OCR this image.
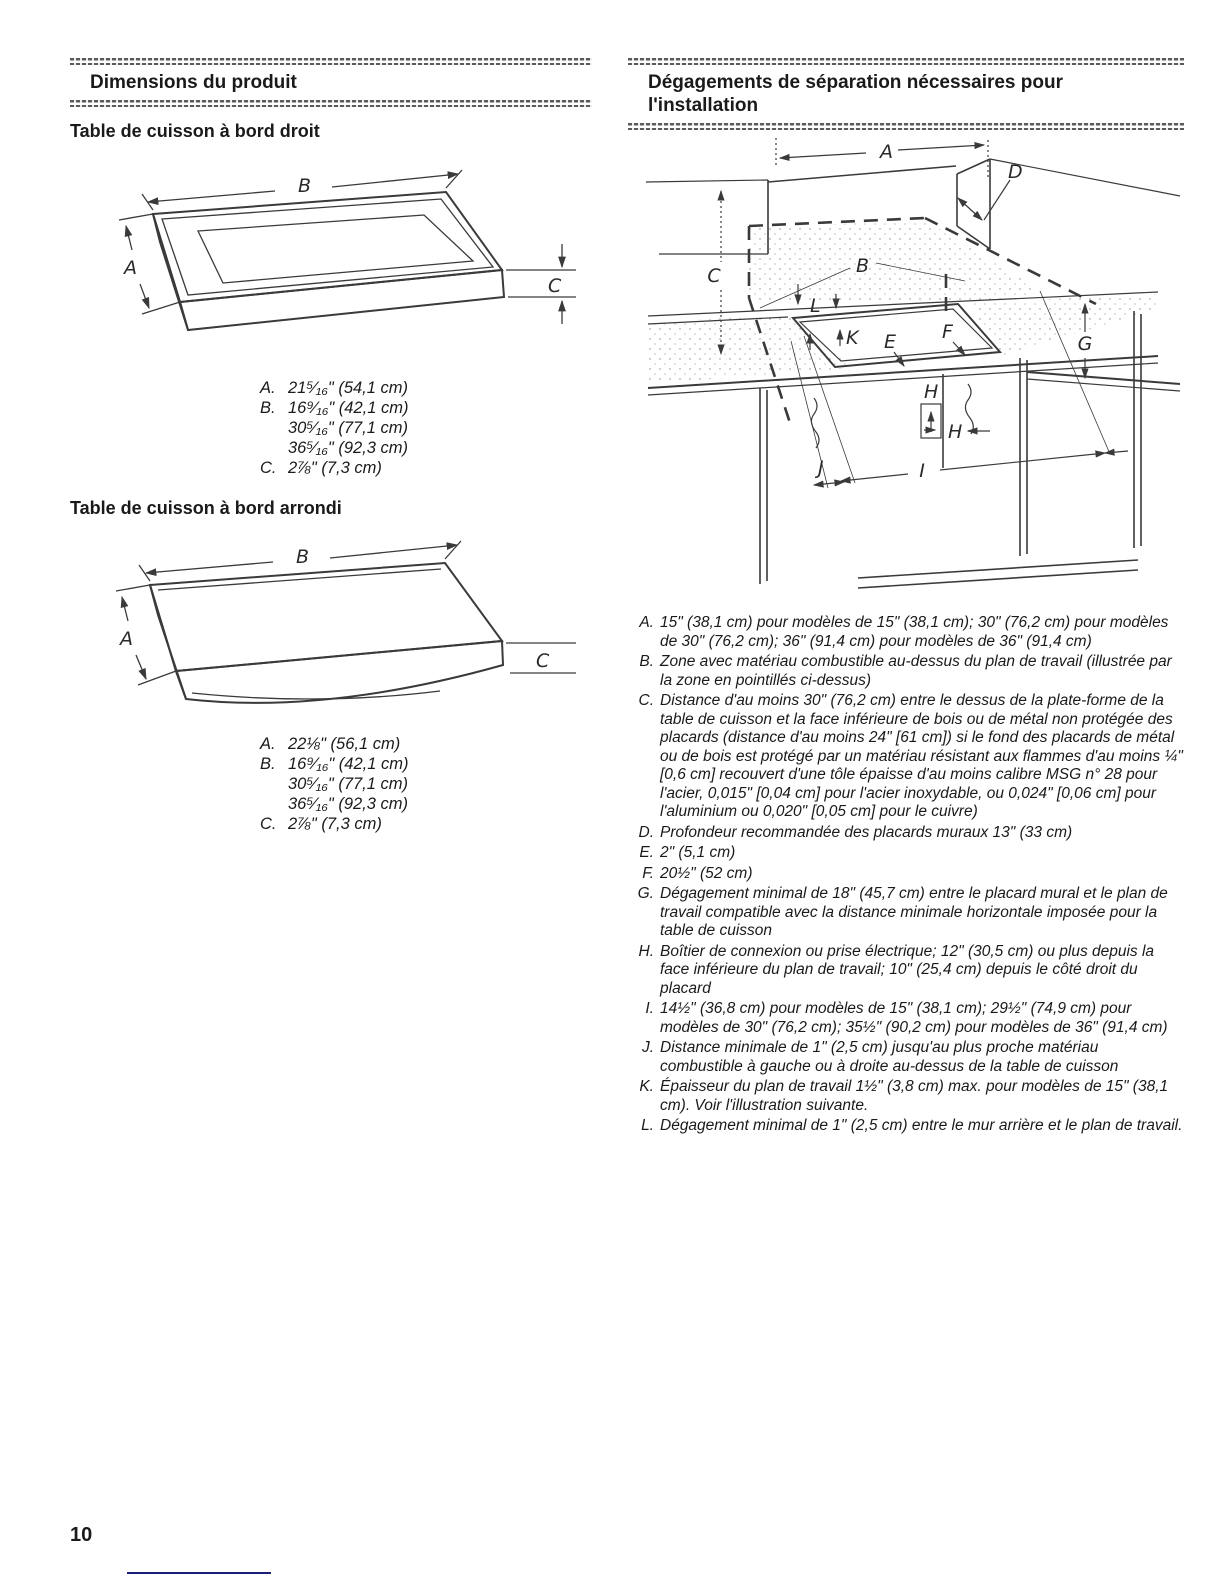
Dimensions du produit
Table de cuisson à bord droit
B
A
C
A. 21⁵⁄₁₆" (54,1 cm)
B. 16⁹⁄₁₆" (42,1 cm)
30⁵⁄₁₆" (77,1 cm)
36⁵⁄₁₆" (92,3 cm)
C. 2⅞" (7,3 cm)
Table de cuisson à bord arrondi
B
A
C
A. 22⅛" (56,1 cm)
B. 16⁹⁄₁₆" (42,1 cm)
30⁵⁄₁₆" (77,1 cm)
36⁵⁄₁₆" (92,3 cm)
C. 2⅞" (7,3 cm)
Dégagements de séparation nécessaires pour
l'installation
A
B
C
D
E F
G
H
H
I
J
K
L
A. 15" (38,1 cm) pour modèles de 15" (38,1 cm); 30" (76,2 cm) pour modèles de 30" (76,2 cm); 36" (91,4 cm) pour modèles de 36" (91,4 cm)
B. Zone avec matériau combustible au-dessus du plan de travail (illustrée par la zone en pointillés ci-dessus)
C. Distance d'au moins 30" (76,2 cm) entre le dessus de la plate-forme de la table de cuisson et la face inférieure de bois ou de métal non protégée des placards (distance d'au moins 24" [61 cm]) si le fond des placards de métal ou de bois est protégé par un matériau résistant aux flammes d'au moins ¼" [0,6 cm] recouvert d'une tôle épaisse d'au moins calibre MSG n° 28 pour l'acier, 0,015" [0,04 cm] pour l'acier inoxydable, ou 0,024" [0,06 cm] pour l'aluminium ou 0,020" [0,05 cm] pour le cuivre)
D. Profondeur recommandée des placards muraux 13" (33 cm)
E. 2" (5,1 cm)
F. 20½" (52 cm)
G. Dégagement minimal de 18" (45,7 cm) entre le placard mural et le plan de travail compatible avec la distance minimale horizontale imposée pour la table de cuisson
H. Boîtier de connexion ou prise électrique; 12" (30,5 cm) ou plus depuis la face inférieure du plan de travail; 10" (25,4 cm) depuis le côté droit du placard
I. 14½" (36,8 cm) pour modèles de 15" (38,1 cm); 29½" (74,9 cm) pour modèles de 30" (76,2 cm); 35½" (90,2 cm) pour modèles de 36" (91,4 cm)
J. Distance minimale de 1" (2,5 cm) jusqu'au plus proche matériau combustible à gauche ou à droite au-dessus de la table de cuisson
K. Épaisseur du plan de travail 1½" (3,8 cm) max. pour modèles de 15" (38,1 cm). Voir l'illustration suivante.
L. Dégagement minimal de 1" (2,5 cm) entre le mur arrière et le plan de travail.
10
